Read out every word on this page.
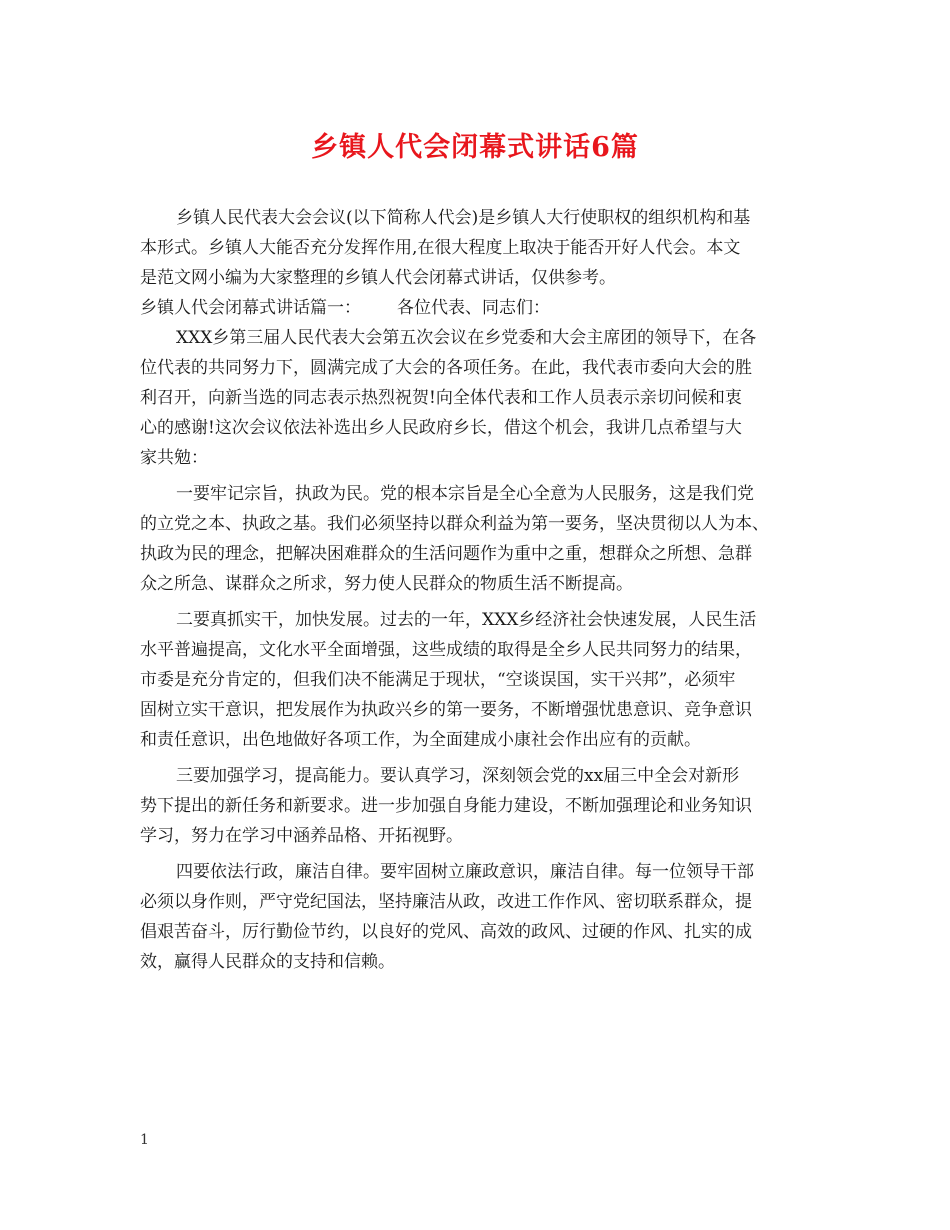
乡镇人代会闭幕式讲话6篇
乡镇人民代表大会会议(以下简称人代会)是乡镇人大行使职权的组织机构和基
本形式。乡镇人大能否充分发挥作用,在很大程度上取决于能否开好人代会。本文
是范文网小编为大家整理的乡镇人代会闭幕式讲话，仅供参考。
乡镇人代会闭幕式讲话篇一： 各位代表、同志们：
XXX乡第三届人民代表大会第五次会议在乡党委和大会主席团的领导下，在各
位代表的共同努力下，圆满完成了大会的各项任务。在此，我代表市委向大会的胜
利召开，向新当选的同志表示热烈祝贺!向全体代表和工作人员表示亲切问候和衷
心的感谢!这次会议依法补选出乡人民政府乡长，借这个机会，我讲几点希望与大
家共勉：
一要牢记宗旨，执政为民。党的根本宗旨是全心全意为人民服务，这是我们党
的立党之本、执政之基。我们必须坚持以群众利益为第一要务，坚决贯彻以人为本、
执政为民的理念，把解决困难群众的生活问题作为重中之重，想群众之所想、急群
众之所急、谋群众之所求，努力使人民群众的物质生活不断提高。
二要真抓实干，加快发展。过去的一年，XXX乡经济社会快速发展，人民生活
水平普遍提高，文化水平全面增强，这些成绩的取得是全乡人民共同努力的结果，
市委是充分肯定的，但我们决不能满足于现状，“空谈误国，实干兴邦”，必须牢
固树立实干意识，把发展作为执政兴乡的第一要务，不断增强忧患意识、竞争意识
和责任意识，出色地做好各项工作，为全面建成小康社会作出应有的贡献。
三要加强学习，提高能力。要认真学习，深刻领会党的xx届三中全会对新形
势下提出的新任务和新要求。进一步加强自身能力建设，不断加强理论和业务知识
学习，努力在学习中涵养品格、开拓视野。
四要依法行政，廉洁自律。要牢固树立廉政意识，廉洁自律。每一位领导干部
必须以身作则，严守党纪国法，坚持廉洁从政，改进工作作风、密切联系群众，提
倡艰苦奋斗，厉行勤俭节约，以良好的党风、高效的政风、过硬的作风、扎实的成
效，赢得人民群众的支持和信赖。
1
